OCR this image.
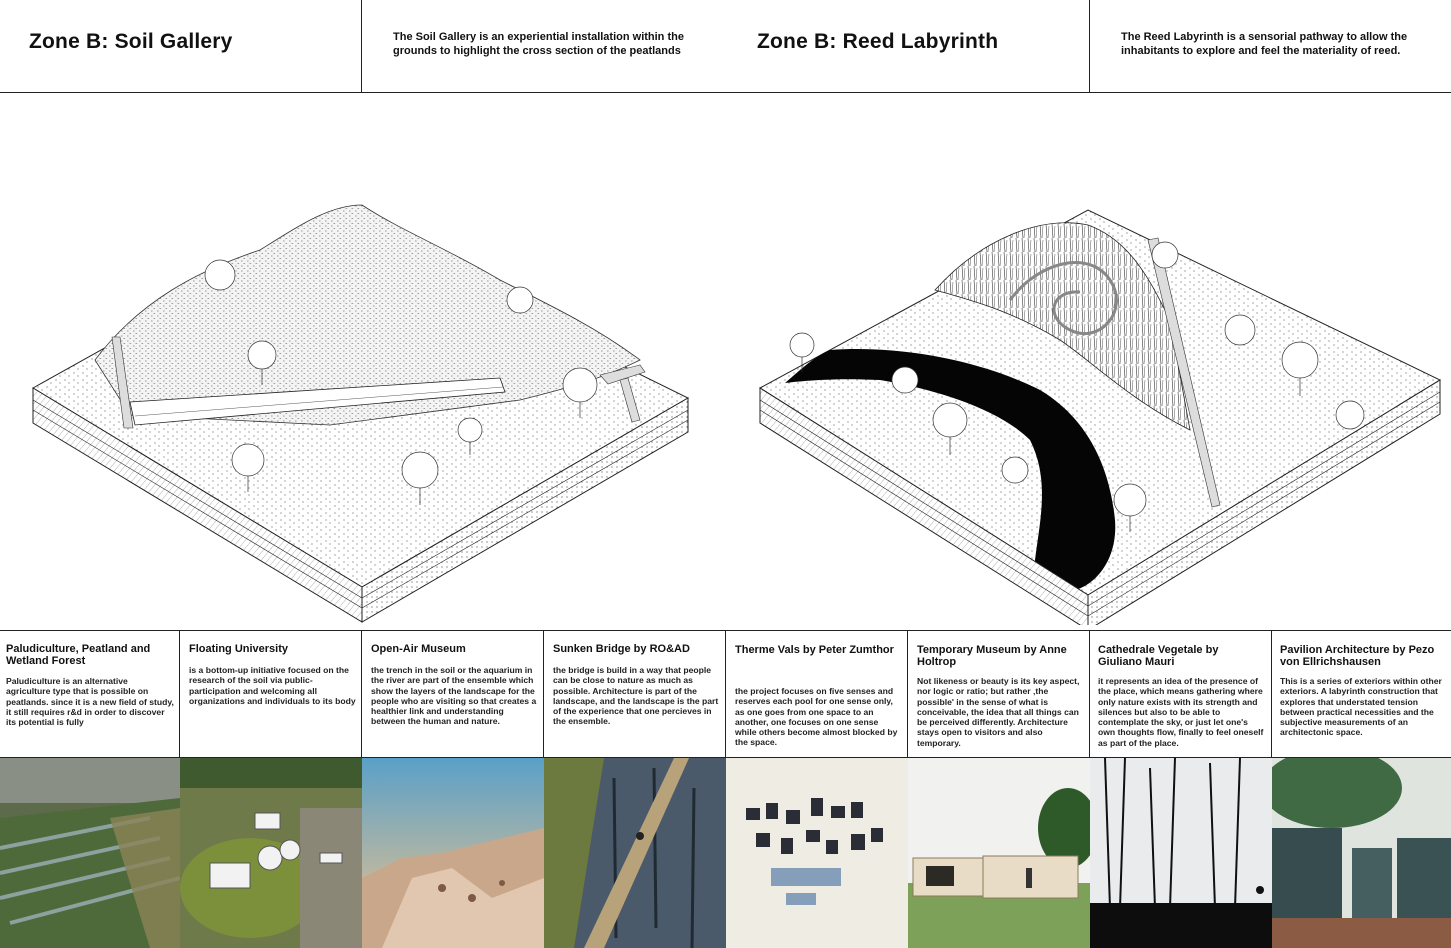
Zone B: Soil Gallery	The Soil Gallery is an experiential installation within the
grounds to highlight the cross section of the peatlands	Zone B: Reed Labyrinth	The Reed Labyrinth is a sensorial pathway to allow the
inhabitants to explore and feel the materiality of reed.
Paludiculture, Peatland and Wetland Forest
Paludiculture is an alternative agriculture type that is possible on peatlands. since it is a new field of study, it still requires r&d in order to discover its potential is fully
Floating University
is a bottom-up initiative focused on the research of the soil via public-participation and welcoming all organizations and individuals to its body
Open-Air Museum
the trench in the soil or the aquarium in the river are part of the ensemble which show the layers of the landscape for the people who are visiting so that creates a healthier link and understanding between the human and nature.
Sunken Bridge by RO&AD
the bridge is build in a way that people can be close to nature as much as possible. Architecture is part of the landscape, and the landscape is the part of the experience that one percieves in the ensemble.
Therme Vals by Peter Zumthor
the project focuses on five senses and reserves each pool for one sense only, as one goes from one space to an another, one focuses on one sense while others become almost blocked by the space.
Temporary Museum by Anne Holtrop
Not likeness or beauty is its key aspect, nor logic or ratio; but rather ‚the possible' in the sense of what is conceivable, the idea that all things can be perceived differently. Architecture stays open to visitors and also temporary.
Cathedrale Vegetale by Giuliano Mauri
it represents an idea of the presence of the place, which means gathering where only nature exists with its strength and silences but also to be able to contemplate the sky, or just let one's own thoughts flow, finally to feel oneself as part of the place.
Pavilion Architecture by Pezo von Ellrichshausen
This is a series of exteriors within other exteriors. A labyrinth construction that explores that understated tension between practical necessities and the subjective measurements of an architectonic space.
